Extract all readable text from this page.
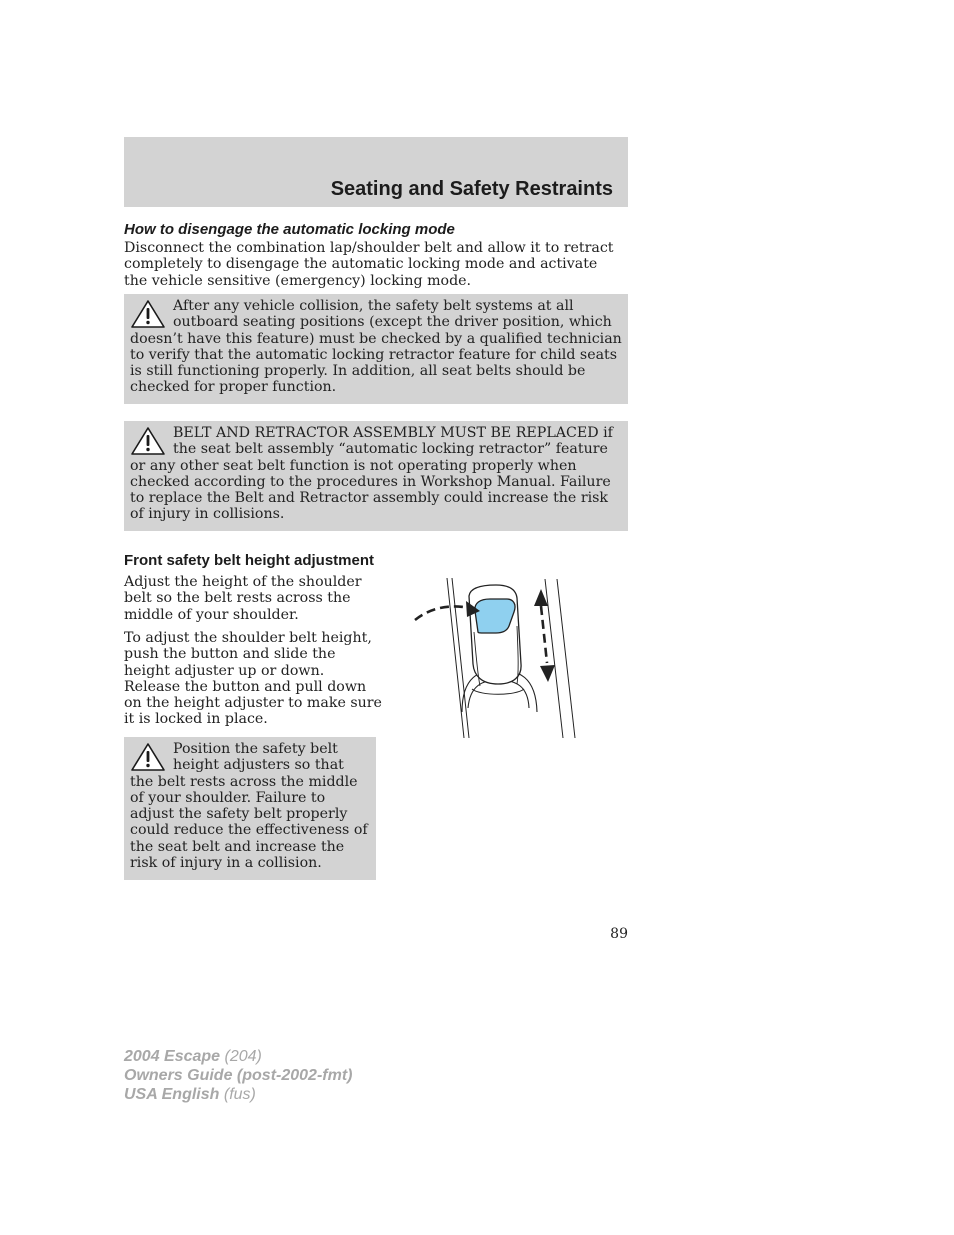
Seating and Safety Restraints
How to disengage the automatic locking mode

Disconnect the combination lap/shoulder belt and allow it to retract completely to disengage the automatic locking mode and activate the vehicle sensitive (emergency) locking mode.

After any vehicle collision, the safety belt systems at all outboard seating positions (except the driver position, which doesn’t have this feature) must be checked by a qualified technician to verify that the automatic locking retractor feature for child seats is still functioning properly. In addition, all seat belts should be checked for proper function.

BELT AND RETRACTOR ASSEMBLY MUST BE REPLACED if the seat belt assembly “automatic locking retractor” feature or any other seat belt function is not operating properly when checked according to the procedures in Workshop Manual. Failure to replace the Belt and Retractor assembly could increase the risk of injury in collisions.

Front safety belt height adjustment

Adjust the height of the shoulder belt so the belt rests across the middle of your shoulder.

To adjust the shoulder belt height, push the button and slide the height adjuster up or down. Release the button and pull down on the height adjuster to make sure it is locked in place.

Position the safety belt height adjusters so that the belt rests across the middle of your shoulder. Failure to adjust the safety belt properly could reduce the effectiveness of the seat belt and increase the risk of injury in a collision.

89
2004 Escape (204)
Owners Guide (post-2002-fmt)
USA English (fus)
